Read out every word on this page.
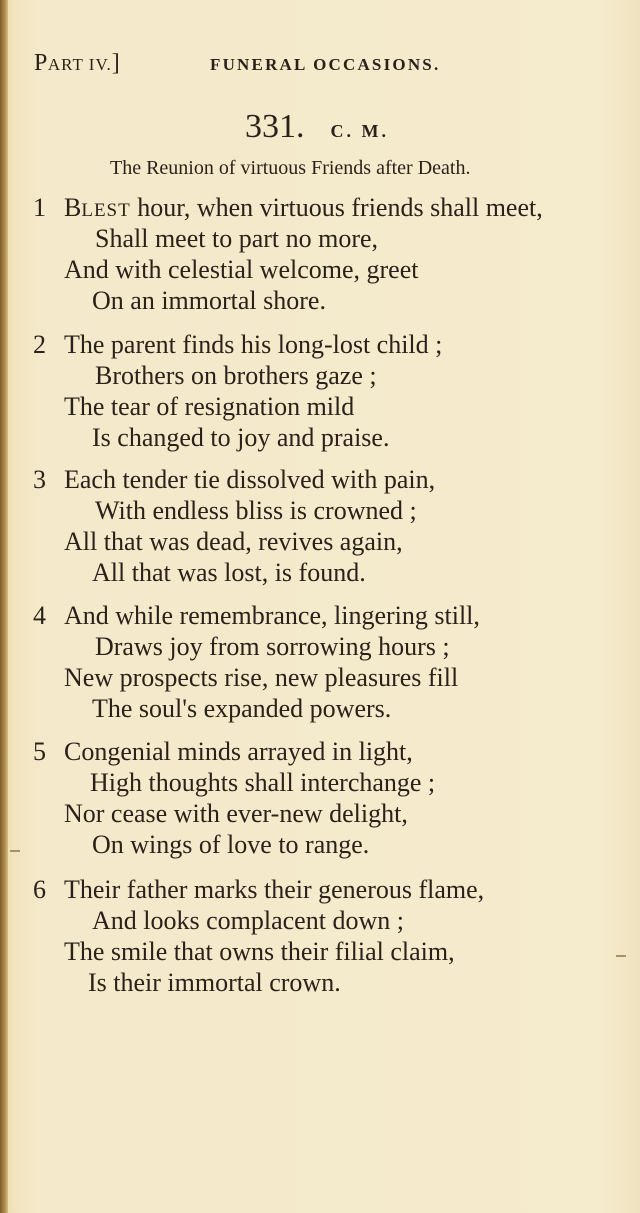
PART IV.]	FUNERAL OCCASIONS.
331. C. M.
The Reunion of virtuous Friends after Death.
1 BLEST hour, when virtuous friends shall meet,
Shall meet to part no more,
And with celestial welcome, greet
On an immortal shore.
2 The parent finds his long-lost child ;
Brothers on brothers gaze ;
The tear of resignation mild
Is changed to joy and praise.
3 Each tender tie dissolved with pain,
With endless bliss is crowned ;
All that was dead, revives again,
All that was lost, is found.
4 And while remembrance, lingering still,
Draws joy from sorrowing hours ;
New prospects rise, new pleasures fill
The soul's expanded powers.
5 Congenial minds arrayed in light,
High thoughts shall interchange ;
Nor cease with ever-new delight,
On wings of love to range.
6 Their father marks their generous flame,
And looks complacent down ;
The smile that owns their filial claim,
Is their immortal crown.
